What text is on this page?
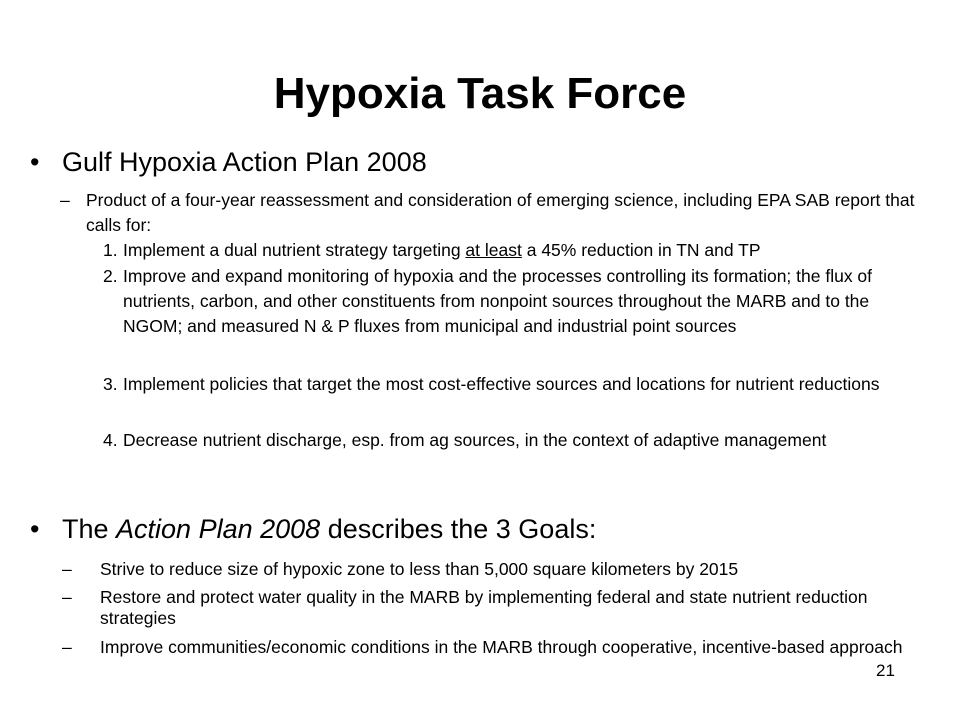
Hypoxia Task Force
• Gulf Hypoxia Action Plan 2008
– Product of a four-year reassessment and consideration of emerging science, including EPA SAB report that calls for:
1. Implement a dual nutrient strategy targeting at least a 45% reduction in TN and TP
2. Improve and expand monitoring of hypoxia and the processes controlling its formation; the flux of nutrients, carbon, and other constituents from nonpoint sources throughout the MARB and to the NGOM; and measured N & P fluxes from municipal and industrial point sources
3. Implement policies that target the most cost-effective sources and locations for nutrient reductions
4. Decrease nutrient discharge, esp. from ag sources, in the context of adaptive management
• The Action Plan 2008 describes the 3 Goals:
– Strive to reduce size of hypoxic zone to less than 5,000 square kilometers by 2015
– Restore and protect water quality in the MARB by implementing federal and state nutrient reduction strategies
– Improve communities/economic conditions in the MARB through cooperative, incentive-based approach
21
